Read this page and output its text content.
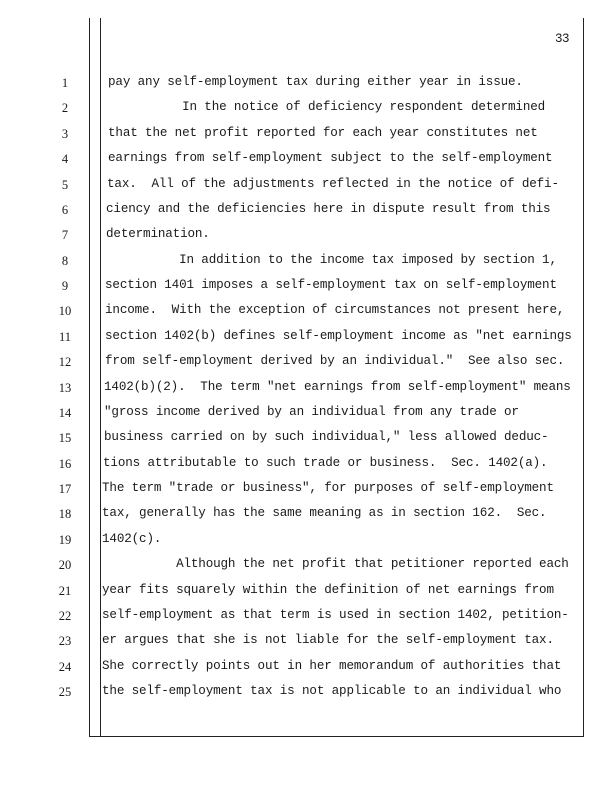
33
1	pay any self-employment tax during either year in issue.
2	In the notice of deficiency respondent determined
3	that the net profit reported for each year constitutes net
4	earnings from self-employment subject to the self-employment
5	tax.  All of the adjustments reflected in the notice of defi-
6	ciency and the deficiencies here in dispute result from this
7	determination.
8	In addition to the income tax imposed by section 1,
9	section 1401 imposes a self-employment tax on self-employment
10	income.  With the exception of circumstances not present here,
11	section 1402(b) defines self-employment income as "net earnings
12	from self-employment derived by an individual."  See also sec.
13	1402(b)(2).  The term "net earnings from self-employment" means
14	"gross income derived by an individual from any trade or
15	business carried on by such individual," less allowed deduc-
16	tions attributable to such trade or business.  Sec. 1402(a).
17	The term "trade or business", for purposes of self-employment
18	tax, generally has the same meaning as in section 162.  Sec.
19	1402(c).
20	Although the net profit that petitioner reported each
21	year fits squarely within the definition of net earnings from
22	self-employment as that term is used in section 1402, petition-
23	er argues that she is not liable for the self-employment tax.
24	She correctly points out in her memorandum of authorities that
25	the self-employment tax is not applicable to an individual who
